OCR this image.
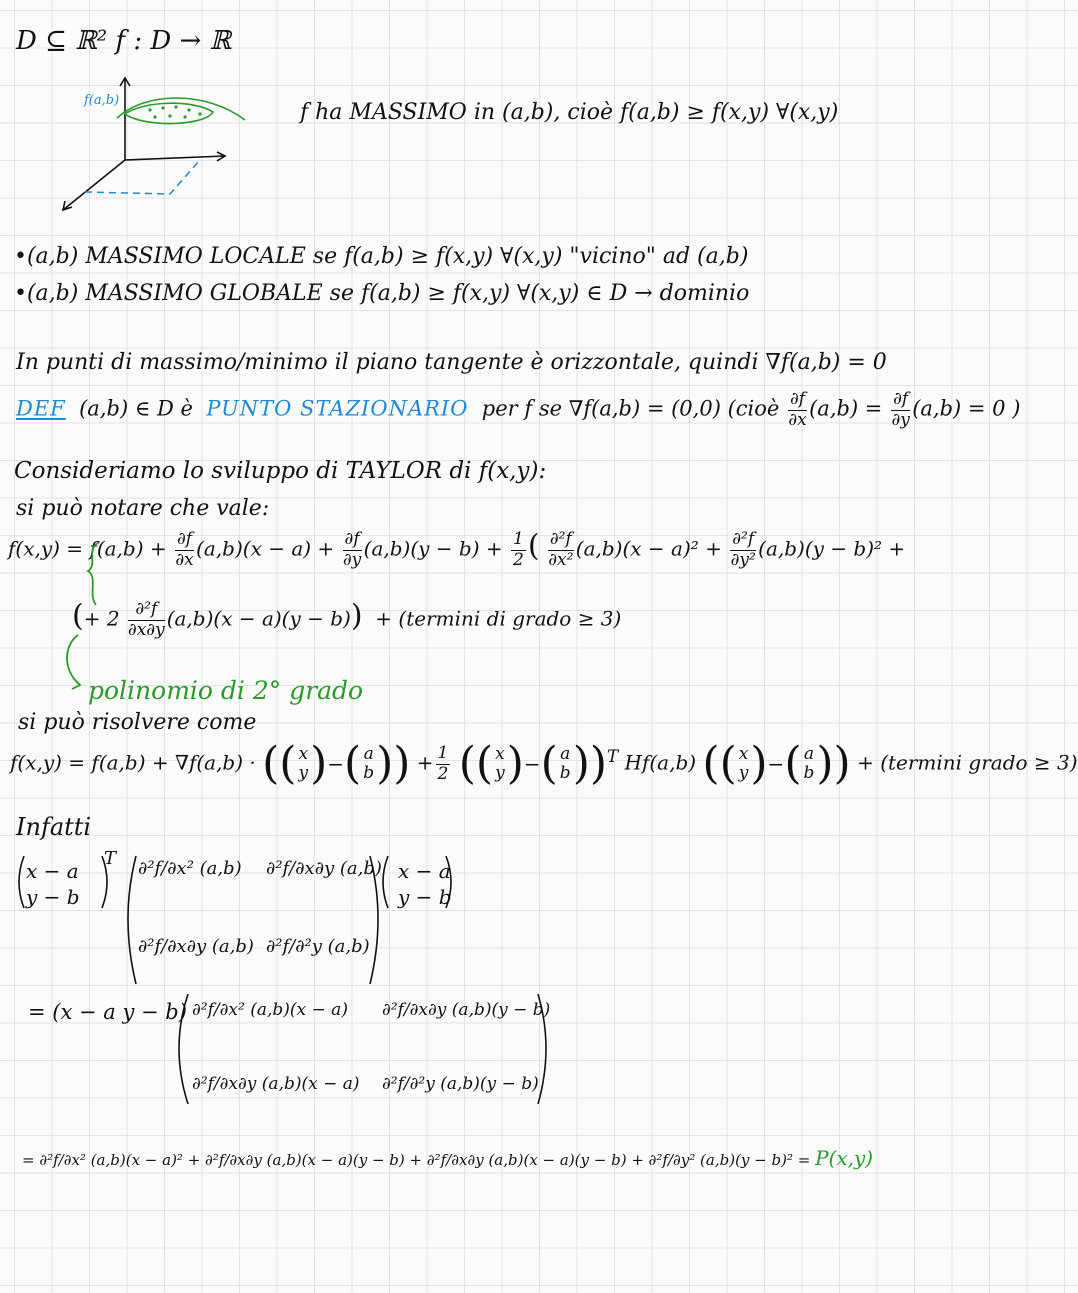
D ⊆ ℝ² f : D → ℝ
f(a,b)	f ha MASSIMO in (a,b), cioè f(a,b) ≥ f(x,y) ∀(x,y)
•(a,b) MASSIMO LOCALE se f(a,b) ≥ f(x,y) ∀(x,y) "vicino" ad (a,b)
•(a,b) MASSIMO GLOBALE se f(a,b) ≥ f(x,y) ∀(x,y) ∈ D → dominio
In punti di massimo/minimo il piano tangente è orizzontale, quindi ∇f(a,b) = 0
DEF (a,b) ∈ D è PUNTO STAZIONARIO per f se ∇f(a,b) = (0,0) (cioè $\frac{\partial f}{\partial x} (a,b) = \frac{\partial f}{\partial y} (a,b) = 0$ )
Consideriamo lo sviluppo di TAYLOR di f(x,y):
si può notare che vale:
$f(x,y) = f(a,b) + \frac{\partial f}{\partial x} (a,b)(x - a) + \frac{\partial f}{\partial y} (a,b)(y - b) + \frac{1}{2}$ ( $\frac{\text{∂²f}}{\text{∂x²}} (a,b)(x - a)^2 + \frac{\text{∂²f}}{\text{∂y²}} (a,b)(y - b)^2$ +
(+ $2 \frac{\text{∂²f}}{\partial x\partial y} (a,b)(x - a)(y - b)) + (termini$ di grado ≥ 3)
polinomio di 2° grado
si può risolvere come
f(x,y) = f(a,b) + ∇f(a,b) · ( ( x
y ) − ( a
b ) ) + $\frac{1}{2}$
( ( x
y ) − ( a
b ) ) $^T$ Hf(a,b) ( ( x
y ) − ( a
b ) ) + (termini grado ≥ 3)
Infatti
x − a
y − b
T ∂²f/∂x² (a,b) ∂²f/∂x∂y (a,b)
∂²f/∂x∂y (a,b) ∂²f/∂²y (a,b)
x − a
y − b
= (x − a y − b) ∂²f/∂x² (a,b)(x − a) ∂²f/∂x∂y (a,b)(y − b)
∂²f/∂x∂y (a,b)(x − a) ∂²f/∂²y (a,b)(y − b)
= ∂²f/∂x² (a,b)(x − a)² + ∂²f/∂x∂y (a,b)(x − a)(y − b) + ∂²f/∂x∂y (a,b)(x − a)(y − b) + ∂²f/∂y² (a,b)(y − b)² = P(x,y)
